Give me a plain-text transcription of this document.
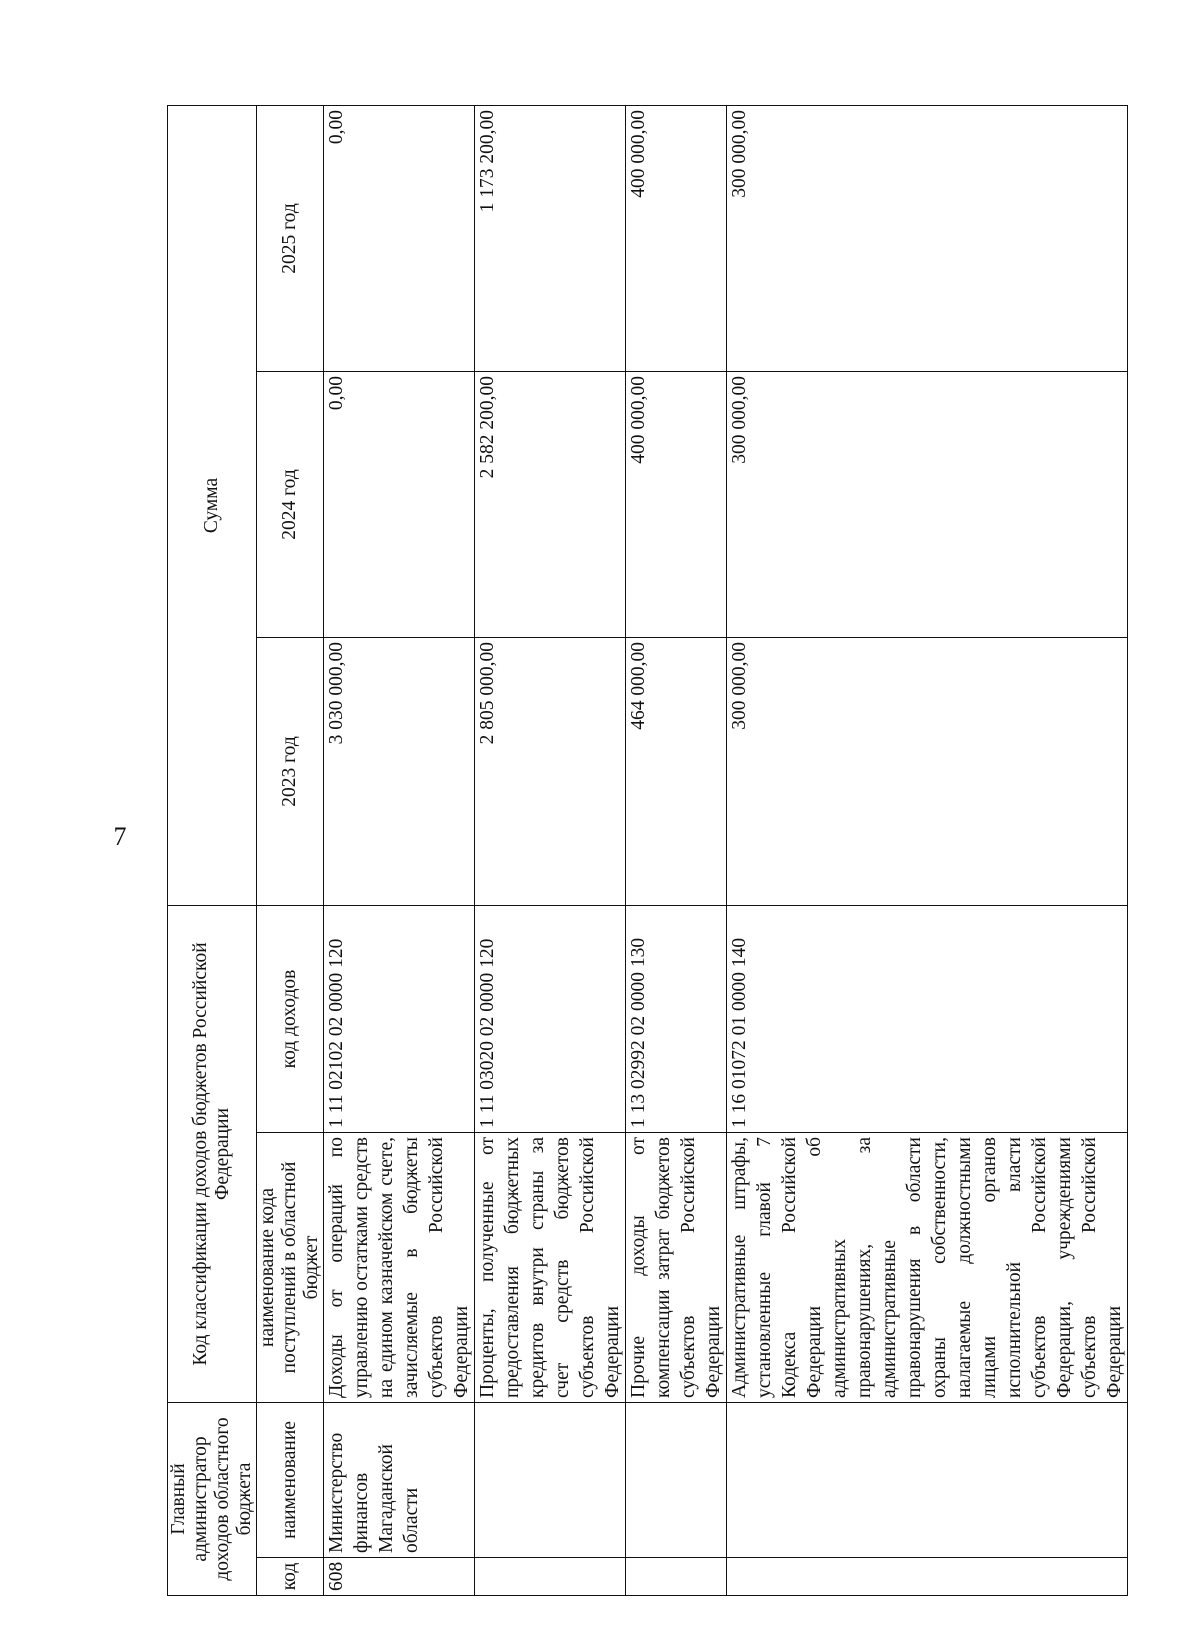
7
Главный администратор доходов областного бюджета		Код классификации доходов бюджетов Российской Федерации		Сумма		
код	наименование	наименование кода поступлений в областной бюджет	код доходов	2023 год	2024 год	2025 год
608	Министерство финансов Магаданской области	Доходы от операций по управлению остатками средств на едином казначейском счете, зачисляемые в бюджеты субъектов Российской Федерации	1 11 02102 02 0000 120	3 030 000,00	0,00	0,00
		Проценты, полученные от предоставления бюджетных кредитов внутри страны за счет средств бюджетов субъектов Российской Федерации	1 11 03020 02 0000 120	2 805 000,00	2 582 200,00	1 173 200,00
		Прочие доходы от компенсации затрат бюджетов субъектов Российской Федерации	1 13 02992 02 0000 130	464 000,00	400 000,00	400 000,00
		Административные штрафы, установленные главой 7 Кодекса Российской Федерации об административных правонарушениях, за административные правонарушения в области охраны собственности, налагаемые должностными лицами органов исполнительной власти субъектов Российской Федерации, учреждениями субъектов Российской Федерации	1 16 01072 01 0000 140	300 000,00	300 000,00	300 000,00
